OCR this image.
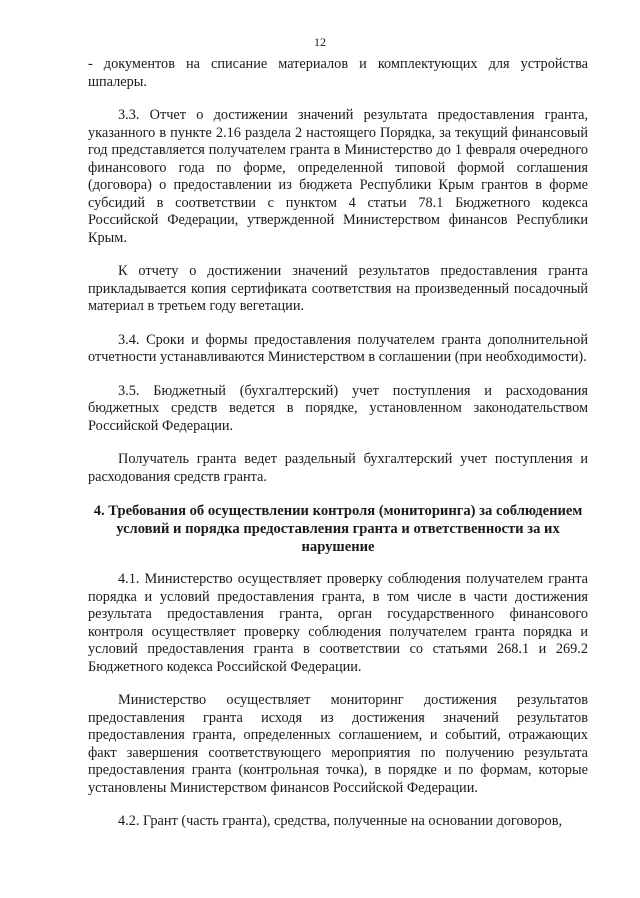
12

- документов на списание материалов и комплектующих для устройства шпалеры.

3.3. Отчет о достижении значений результата предоставления гранта, указанного в пункте 2.16 раздела 2 настоящего Порядка, за текущий финансовый год представляется получателем гранта в Министерство до 1 февраля очередного финансового года по форме, определенной типовой формой соглашения (договора) о предоставлении из бюджета Республики Крым грантов в форме субсидий в соответствии с пунктом 4 статьи 78.1 Бюджетного кодекса Российской Федерации, утвержденной Министерством финансов Республики Крым.

К отчету о достижении значений результатов предоставления гранта прикладывается копия сертификата соответствия на произведенный посадочный материал в третьем году вегетации.

3.4. Сроки и формы предоставления получателем гранта дополнительной отчетности устанавливаются Министерством в соглашении (при необходимости).

3.5. Бюджетный (бухгалтерский) учет поступления и расходования бюджетных средств ведется в порядке, установленном законодательством Российской Федерации.

Получатель гранта ведет раздельный бухгалтерский учет поступления и расходования средств гранта.

4. Требования об осуществлении контроля (мониторинга) за соблюдением условий и порядка предоставления гранта и ответственности за их нарушение

4.1. Министерство осуществляет проверку соблюдения получателем гранта порядка и условий предоставления гранта, в том числе в части достижения результата предоставления гранта, орган государственного финансового контроля осуществляет проверку соблюдения получателем гранта порядка и условий предоставления гранта в соответствии со статьями 268.1 и 269.2 Бюджетного кодекса Российской Федерации.

Министерство осуществляет мониторинг достижения результатов предоставления гранта исходя из достижения значений результатов предоставления гранта, определенных соглашением, и событий, отражающих факт завершения соответствующего мероприятия по получению результата предоставления гранта (контрольная точка), в порядке и по формам, которые установлены Министерством финансов Российской Федерации.

4.2. Грант (часть гранта), средства, полученные на основании договоров,
